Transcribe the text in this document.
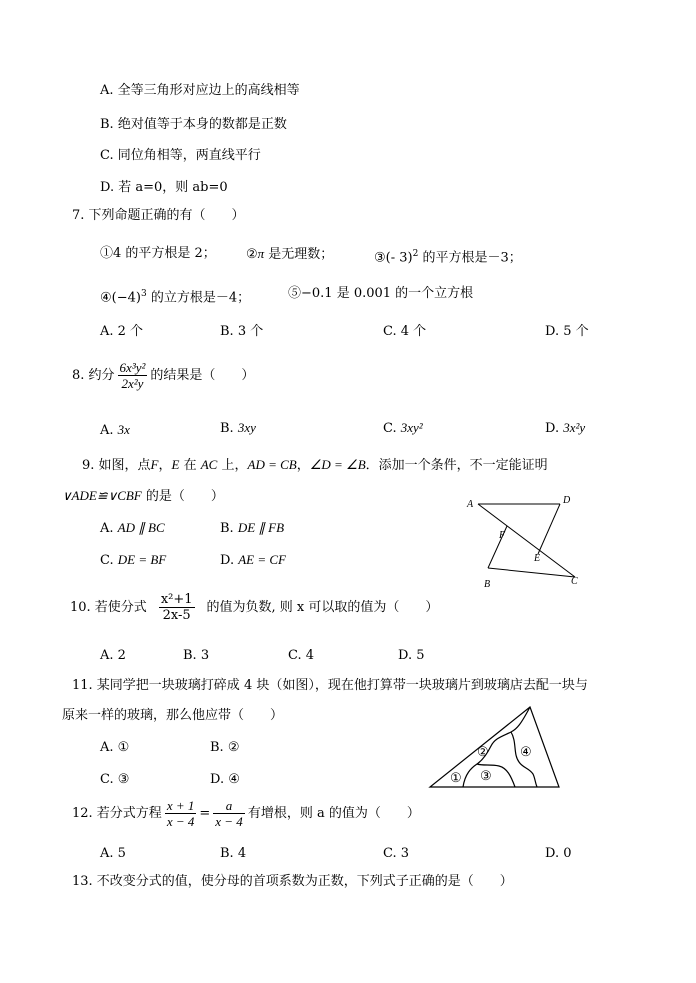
A. 全等三角形对应边上的高线相等
B. 绝对值等于本身的数都是正数
C. 同位角相等，两直线平行
D. 若 a=0，则 ab=0
7. 下列命题正确的有（　　）
①4 的平方根是 2； ②π 是无理数；	③(- 3)$^2$ 的平方根是－3；
$④(-4)^3$ 的立方根是－4；	⑤−0.1 是 0.001 的一个立方根
A. 2 个	B. 3 个	C. 4 个	D. 5 个
8. 约分 $\frac{\text{6x³y²}}{\text{2x²y}}$ 的结果是（　　）
A. 3x	B. 3xy	C. 3xy²	D. 3x²y
9. 如图，点F，E 在 AC 上，AD = CB，∠D = ∠B．添加一个条件，不一定能证明
∨ADE≌∨CBF 的是（　　）
A. AD ∥ BC	B. DE ∥ FB
C. DE = BF	D. AE = CF
A	D
F
E
B	C
10. 若使分式 $\frac{\text{x²+1}}{2x-5}$ 的值为负数, 则 x 可以取的值为（　　）
A. 2	B. 3	C. 4	D. 5
11. 某同学把一块玻璃打碎成 4 块（如图），现在他打算带一块玻璃片到玻璃店去配一块与
原来一样的玻璃，那么他应带（　　）
A. ①	B. ②
C. ③	D. ④	①
②
③
④
12. 若分式方程 $\frac{x + 1}{x - 4} = \frac{a}{x - 4}$ 有增根，则 a 的值为（　　）
A. 5	B. 4	C. 3	D. 0
13. 不改变分式的值，使分母的首项系数为正数，下列式子正确的是（　　）
